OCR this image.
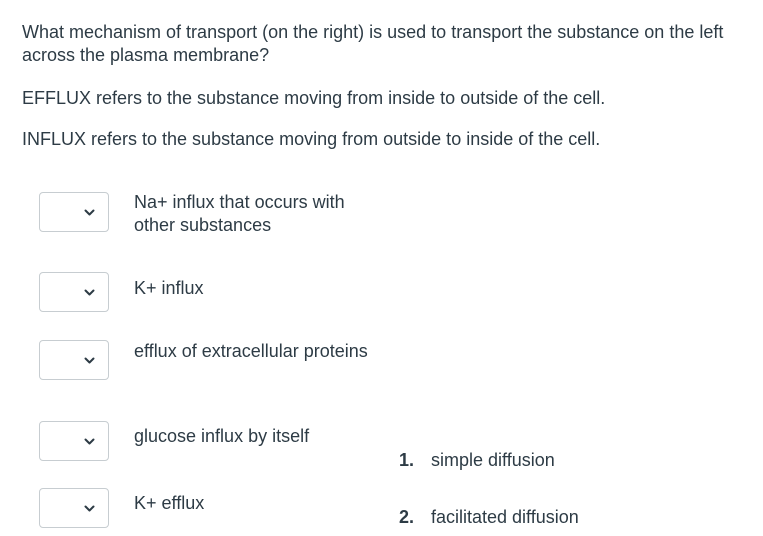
What mechanism of transport (on the right) is used to transport the substance on the left across the plasma membrane?
EFFLUX refers to the substance moving from inside to outside of the cell.
INFLUX refers to the substance moving from outside to inside of the cell.
Na+ influx that occurs with other substances
K+ influx
efflux of extracellular proteins
glucose influx by itself
K+ efflux
1. simple diffusion
2. facilitated diffusion
